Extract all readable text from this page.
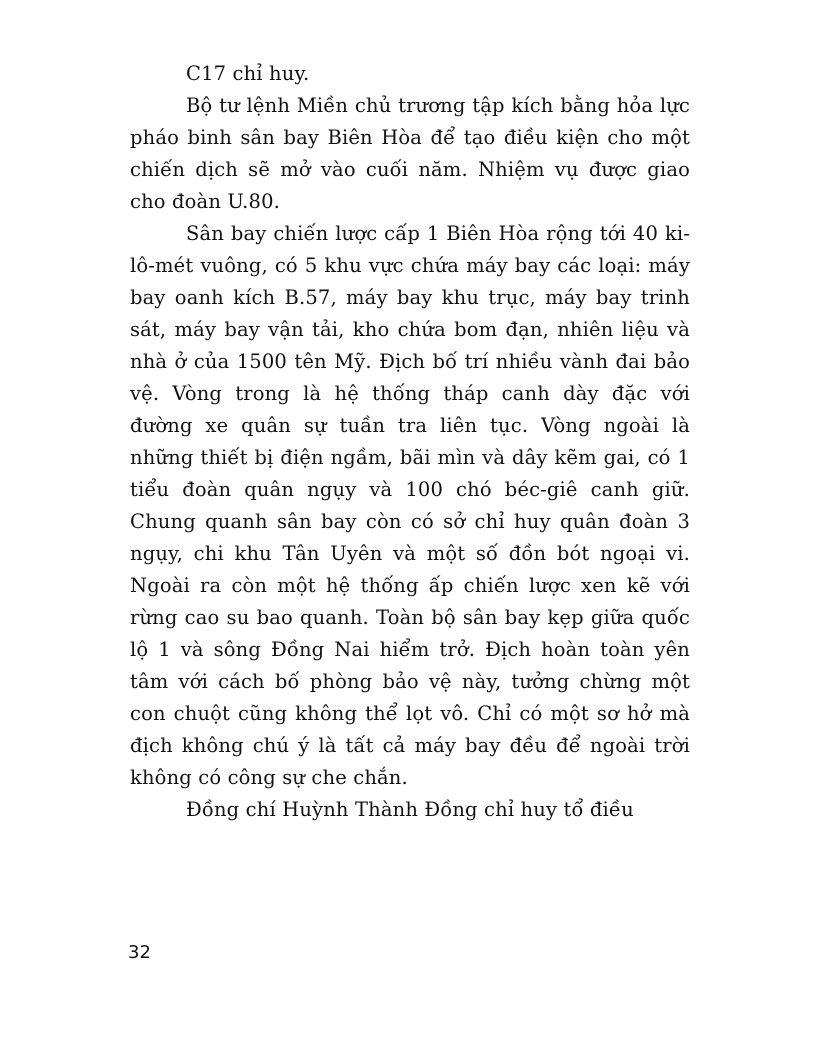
C17 chỉ huy.

Bộ tư lệnh Miền chủ trương tập kích bằng hỏa lực pháo binh sân bay Biên Hòa để tạo điều kiện cho một chiến dịch sẽ mở vào cuối năm. Nhiệm vụ được giao cho đoàn U.80.

Sân bay chiến lược cấp 1 Biên Hòa rộng tới 40 ki-lô-mét vuông, có 5 khu vực chứa máy bay các loại: máy bay oanh kích B.57, máy bay khu trục, máy bay trinh sát, máy bay vận tải, kho chứa bom đạn, nhiên liệu và nhà ở của 1500 tên Mỹ. Địch bố trí nhiều vành đai bảo vệ. Vòng trong là hệ thống tháp canh dày đặc với đường xe quân sự tuần tra liên tục. Vòng ngoài là những thiết bị điện ngầm, bãi mìn và dây kẽm gai, có 1 tiểu đoàn quân ngụy và 100 chó béc-giê canh giữ. Chung quanh sân bay còn có sở chỉ huy quân đoàn 3 ngụy, chi khu Tân Uyên và một số đồn bót ngoại vi. Ngoài ra còn một hệ thống ấp chiến lược xen kẽ với rừng cao su bao quanh. Toàn bộ sân bay kẹp giữa quốc lộ 1 và sông Đồng Nai hiểm trở. Địch hoàn toàn yên tâm với cách bố phòng bảo vệ này, tưởng chừng một con chuột cũng không thể lọt vô. Chỉ có một sơ hở mà địch không chú ý là tất cả máy bay đều để ngoài trời không có công sự che chắn.

Đồng chí Huỳnh Thành Đồng chỉ huy tổ điều

32
